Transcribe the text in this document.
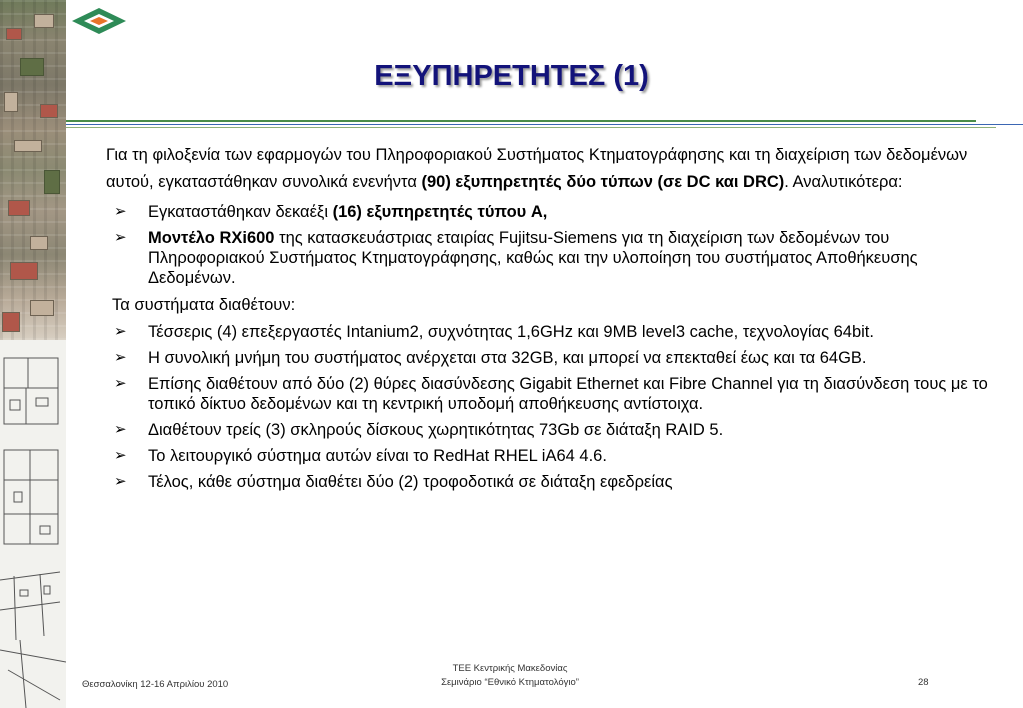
ΕΞΥΠΗΡΕΤΗΤΕΣ (1)

Για τη φιλοξενία των εφαρμογών του Πληροφοριακού Συστήματος Κτηματογράφησης και τη διαχείριση των δεδομένων αυτού, εγκαταστάθηκαν συνολικά ενενήντα (90) εξυπηρετητές δύο τύπων (σε DC και DRC). Αναλυτικότερα:

➢ Εγκαταστάθηκαν δεκαέξι (16) εξυπηρετητές τύπου A,
➢ Μοντέλο RXi600 της κατασκευάστριας εταιρίας Fujitsu-Siemens για τη διαχείριση των δεδομένων του Πληροφοριακού Συστήματος Κτηματογράφησης, καθώς και την υλοποίηση του συστήματος Αποθήκευσης Δεδομένων.
Τα συστήματα διαθέτουν:
➢ Τέσσερις (4) επεξεργαστές Intanium2, συχνότητας 1,6GHz και 9MB level3 cache, τεχνολογίας 64bit.
➢ Η συνολική μνήμη του συστήματος ανέρχεται στα 32GB, και μπορεί να επεκταθεί έως και τα 64GB.
➢ Επίσης διαθέτουν από δύο (2) θύρες διασύνδεσης Gigabit Ethernet και Fibre Channel για τη διασύνδεση τους με το τοπικό δίκτυο δεδομένων και τη κεντρική υποδομή αποθήκευσης αντίστοιχα.
➢ Διαθέτουν τρείς (3) σκληρούς δίσκους χωρητικότητας 73Gb σε διάταξη RAID 5.
➢ Το λειτουργικό σύστημα αυτών είναι το RedHat RHEL iA64 4.6.
➢ Τέλος, κάθε σύστημα διαθέτει δύο (2) τροφοδοτικά σε διάταξη εφεδρείας
Θεσσαλονίκη 12-16 Απριλίου 2010
ΤΕΕ Κεντρικής Μακεδονίας
Σεμινάριο “Εθνικό Κτηματολόγιο”	28
